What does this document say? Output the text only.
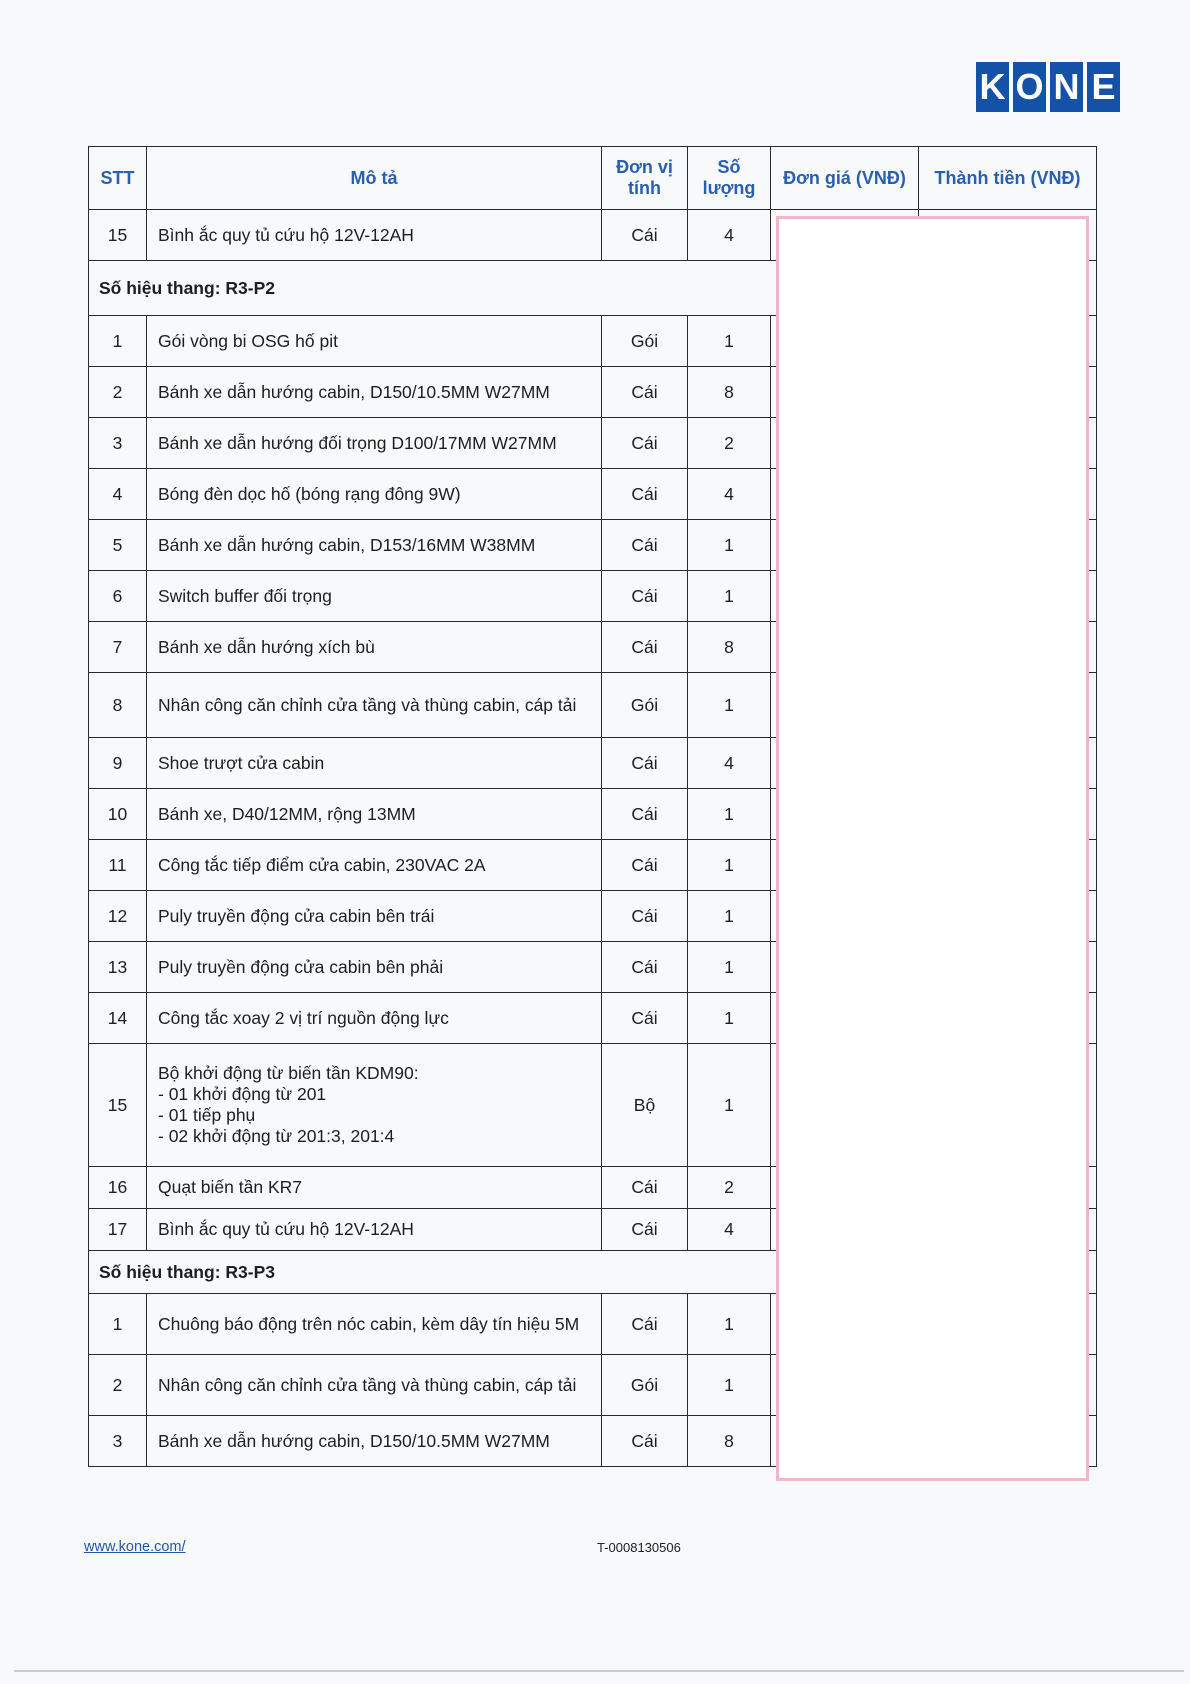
K O N E
STT	Mô tả	Đơn vị tính	Số lượng	Đơn giá (VNĐ)	Thành tiền (VNĐ)
15	Bình ắc quy tủ cứu hộ 12V-12AH	Cái	4		
Số hiệu thang: R3-P2					
1	Gói vòng bi OSG hố pit	Gói	1		
2	Bánh xe dẫn hướng cabin, D150/10.5MM W27MM	Cái	8		
3	Bánh xe dẫn hướng đối trọng D100/17MM W27MM	Cái	2		
4	Bóng đèn dọc hố (bóng rạng đông 9W)	Cái	4		
5	Bánh xe dẫn hướng cabin, D153/16MM W38MM	Cái	1		
6	Switch buffer đối trọng	Cái	1		
7	Bánh xe dẫn hướng xích bù	Cái	8		
8	Nhân công căn chỉnh cửa tầng và thùng cabin, cáp tải	Gói	1		
9	Shoe trượt cửa cabin	Cái	4		
10	Bánh xe, D40/12MM, rộng 13MM	Cái	1		
11	Công tắc tiếp điểm cửa cabin, 230VAC 2A	Cái	1		
12	Puly truyền động cửa cabin bên trái	Cái	1		
13	Puly truyền động cửa cabin bên phải	Cái	1		
14	Công tắc xoay 2 vị trí nguồn động lực	Cái	1		
15	Bộ khởi động từ biến tần KDM90:
- 01 khởi động từ 201
- 01 tiếp phụ
- 02 khởi động từ 201:3, 201:4	Bộ	1		
16	Quạt biến tần KR7	Cái	2		
17	Bình ắc quy tủ cứu hộ 12V-12AH	Cái	4		
Số hiệu thang: R3-P3					
1	Chuông báo động trên nóc cabin, kèm dây tín hiệu 5M	Cái	1		
2	Nhân công căn chỉnh cửa tầng và thùng cabin, cáp tải	Gói	1		
3	Bánh xe dẫn hướng cabin, D150/10.5MM W27MM	Cái	8		
www.kone.com/	T-0008130506
